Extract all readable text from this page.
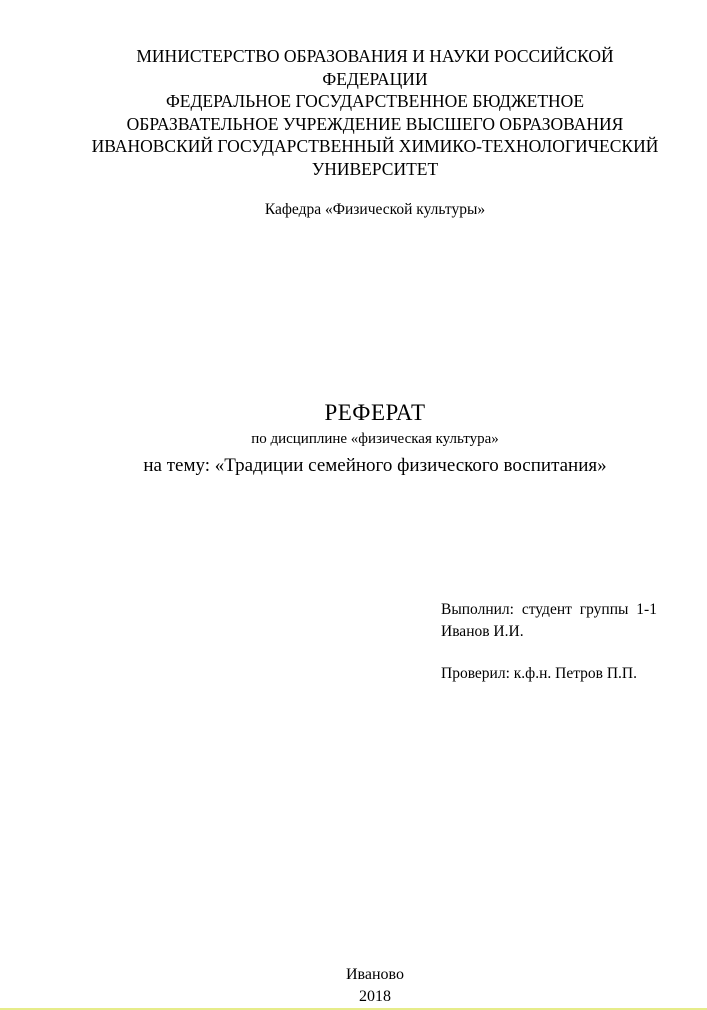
МИНИСТЕРСТВО ОБРАЗОВАНИЯ И НАУКИ РОССИЙСКОЙ
ФЕДЕРАЦИИ
ФЕДЕРАЛЬНОЕ ГОСУДАРСТВЕННОЕ БЮДЖЕТНОЕ
ОБРАЗВАТЕЛЬНОЕ УЧРЕЖДЕНИЕ ВЫСШЕГО ОБРАЗОВАНИЯ
ИВАНОВСКИЙ ГОСУДАРСТВЕННЫЙ ХИМИКО-ТЕХНОЛОГИЧЕСКИЙ
УНИВЕРСИТЕТ
Кафедра «Физической культуры»
РЕФЕРАТ
по дисциплине «физическая культура»
на тему: «Традиции семейного физического воспитания»
Выполнил: студент группы 1-1
Иванов И.И.
Проверил: к.ф.н. Петров П.П.
Иваново
2018
